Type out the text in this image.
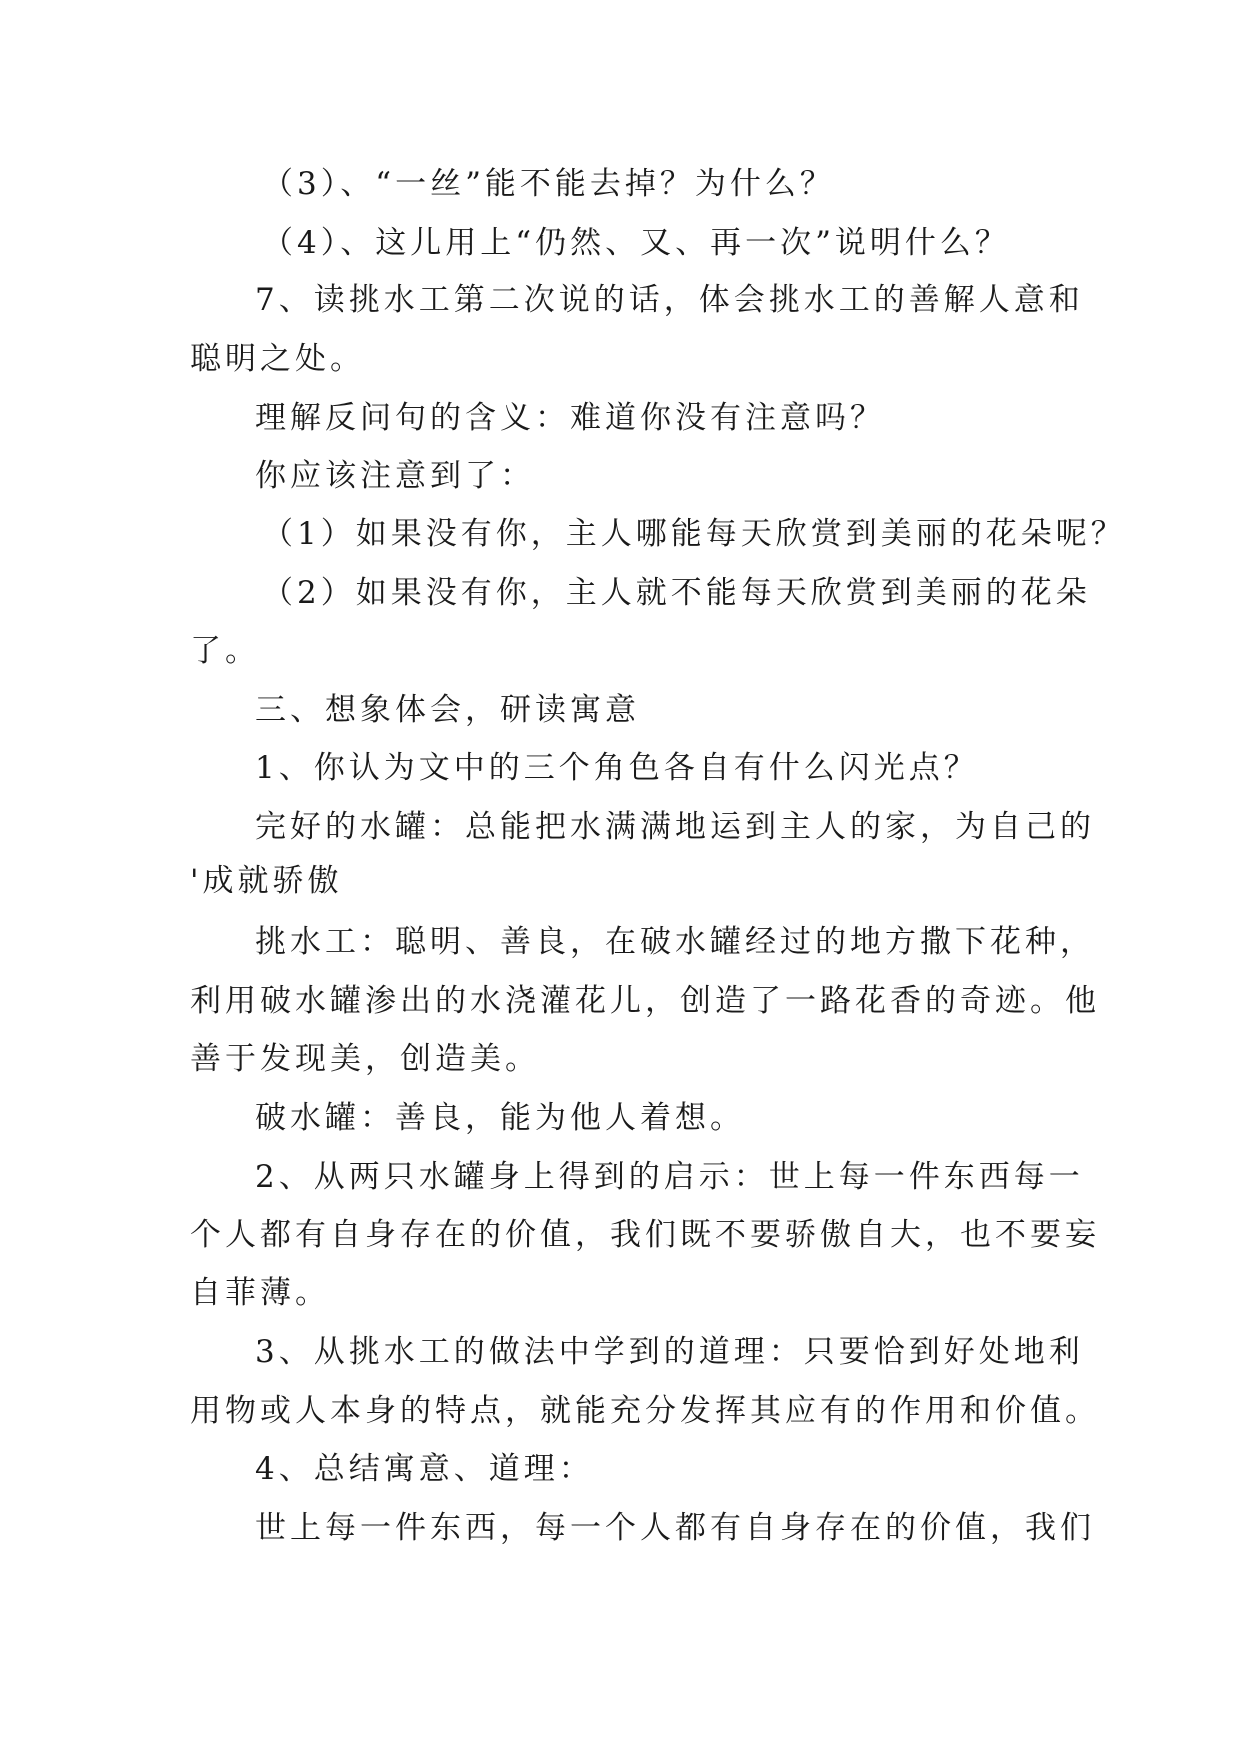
（3）、“一丝”能不能去掉？为什么？

（4）、这儿用上“仍然、又、再一次”说明什么？

7、读挑水工第二次说的话，体会挑水工的善解人意和

聪明之处。

理解反问句的含义：难道你没有注意吗？

你应该注意到了：

（1）如果没有你，主人哪能每天欣赏到美丽的花朵呢？

（2）如果没有你，主人就不能每天欣赏到美丽的花朵

了。

三、想象体会，研读寓意

1、你认为文中的三个角色各自有什么闪光点？

完好的水罐：总能把水满满地运到主人的家，为自己的

'成就骄傲

挑水工：聪明、善良，在破水罐经过的地方撒下花种，

利用破水罐渗出的水浇灌花儿，创造了一路花香的奇迹。他

善于发现美，创造美。

破水罐：善良，能为他人着想。

2、从两只水罐身上得到的启示：世上每一件东西每一

个人都有自身存在的价值，我们既不要骄傲自大，也不要妄

自菲薄。

3、从挑水工的做法中学到的道理：只要恰到好处地利

用物或人本身的特点，就能充分发挥其应有的作用和价值。

4、总结寓意、道理：

世上每一件东西，每一个人都有自身存在的价值，我们
